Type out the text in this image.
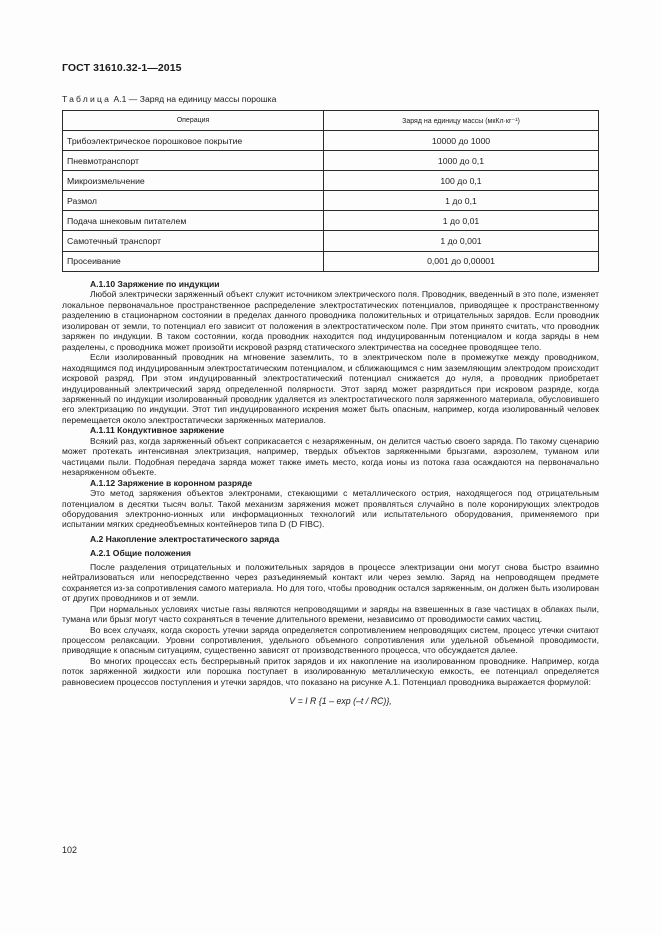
ГОСТ 31610.32-1—2015
Таблица А.1 — Заряд на единицу массы порошка
Операция	Заряд на единицу массы (мкКл·кг⁻¹)
Трибоэлектрическое порошковое покрытие	10000 до 1000
Пневмотранспорт	1000 до 0,1
Микроизмельчение	100 до 0,1
Размол	1 до 0,1
Подача шнековым питателем	1 до 0,01
Самотечный транспорт	1 до 0,001
Просеивание	0,001 до 0,00001
А.1.10 Заряжение по индукции

Любой электрически заряженный объект служит источником электрического поля. Проводник, введенный в это поле, изменяет локальное первоначальное пространственное распределение электростатических потенциалов, приводящее к пространственному разделению в стационарном состоянии в пределах данного проводника положительных и отрицательных зарядов. Если проводник изолирован от земли, то потенциал его зависит от положения в электростатическом поле. При этом принято считать, что проводник заряжен по индукции. В таком состоянии, когда проводник находится под индуцированным потенциалом и когда заряды в нем разделены, с проводника может произойти искровой разряд статического электричества на соседнее проводящее тело.

Если изолированный проводник на мгновение заземлить, то в электрическом поле в промежутке между проводником, находящимся под индуцированным электростатическим потенциалом, и сближающимся с ним заземляющим электродом происходит искровой разряд. При этом индуцированный электростатический потенциал снижается до нуля, а проводник приобретает индуцированный электрический заряд определенной полярности. Этот заряд может разрядиться при искровом разряде, когда заряженный по индукции изолированный проводник удаляется из электростатического поля заряженного материала, обусловившего его электризацию по индукции. Этот тип индуцированного искрения может быть опасным, например, когда изолированный человек перемещается около электростатически заряженных материалов.

А.1.11 Кондуктивное заряжение

Всякий раз, когда заряженный объект соприкасается с незаряженным, он делится частью своего заряда. По такому сценарию может протекать интенсивная электризация, например, твердых объектов заряженными брызгами, аэрозолем, туманом или частицами пыли. Подобная передача заряда может также иметь место, когда ионы из потока газа осаждаются на первоначально незаряженном объекте.

А.1.12 Заряжение в коронном разряде

Это метод заряжения объектов электронами, стекающими с металлического острия, находящегося под отрицательным потенциалом в десятки тысяч вольт. Такой механизм заряжения может проявляться случайно в поле коронирующих электродов оборудования электронно-ионных или информационных технологий или испытательного оборудования, применяемого при испытании мягких среднеобъемных контейнеров типа D (D FIBC).

А.2 Накопление электростатического заряда
А.2.1 Общие положения

После разделения отрицательных и положительных зарядов в процессе электризации они могут снова быстро взаимно нейтрализоваться или непосредственно через разъединяемый контакт или через землю. Заряд на непроводящем предмете сохраняется из-за сопротивления самого материала. Но для того, чтобы проводник остался заряженным, он должен быть изолирован от других проводников и от земли.

При нормальных условиях чистые газы являются непроводящими и заряды на взвешенных в газе частицах в облаках пыли, тумана или брызг могут часто сохраняться в течение длительного времени, независимо от проводимости самих частиц.

Во всех случаях, когда скорость утечки заряда определяется сопротивлением непроводящих систем, процесс утечки считают процессом релаксации. Уровни сопротивления, удельного объемного сопротивления или удельной объемной проводимости, приводящие к опасным ситуациям, существенно зависят от производственного процесса, что обсуждается далее.

Во многих процессах есть беспрерывный приток зарядов и их накопление на изолированном проводнике. Например, когда поток заряженной жидкости или порошка поступает в изолированную металлическую емкость, ее потенциал определяется равновесием процессов поступления и утечки зарядов, что показано на рисунке А.1. Потенциал проводника выражается формулой:

V = I R {1 – exp (–t / RC)},
102
